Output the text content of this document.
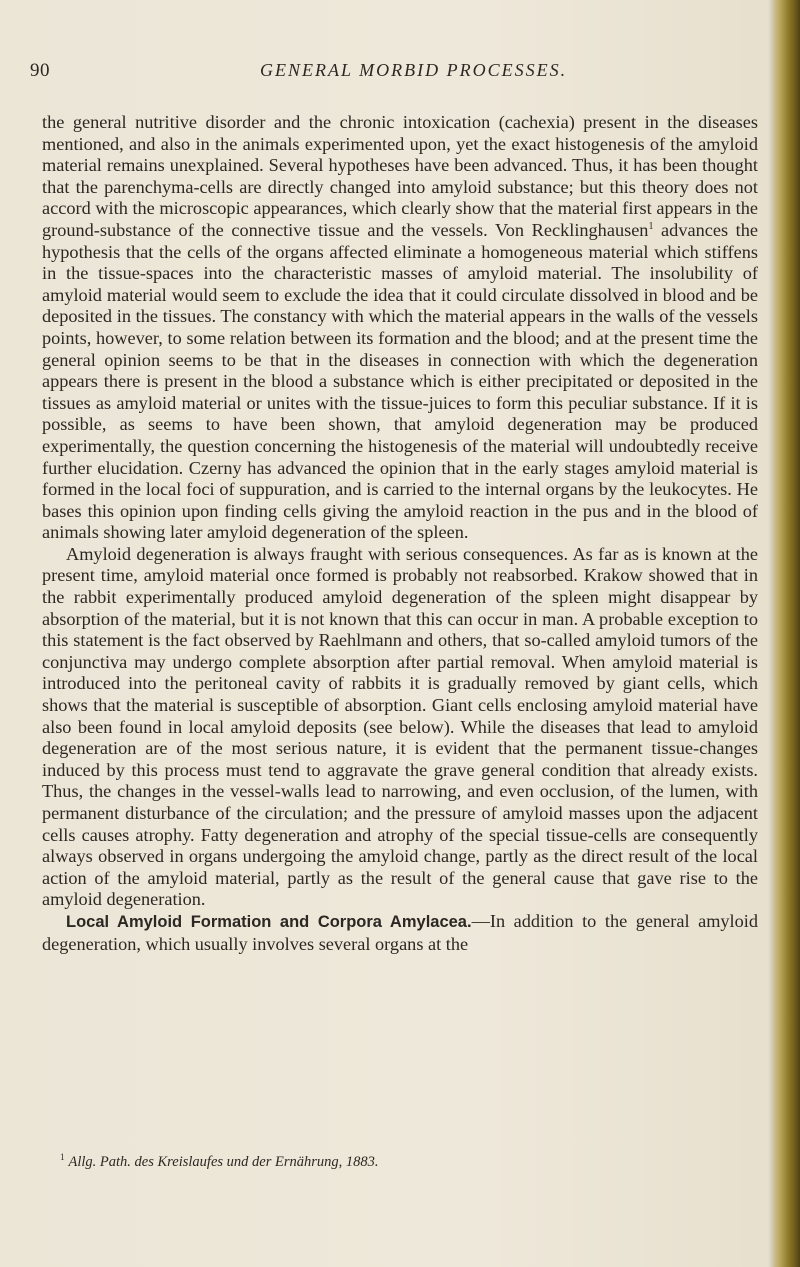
90	GENERAL MORBID PROCESSES.

the general nutritive disorder and the chronic intoxication (cachexia) present in the diseases mentioned, and also in the animals experimented upon, yet the exact histogenesis of the amyloid material remains unexplained. Several hypotheses have been advanced. Thus, it has been thought that the parenchyma-cells are directly changed into amyloid substance; but this theory does not accord with the microscopic appearances, which clearly show that the material first appears in the ground-substance of the connective tissue and the vessels. Von Recklinghausen$^1$ advances the hypothesis that the cells of the organs affected eliminate a homogeneous material which stiffens in the tissue-spaces into the characteristic masses of amyloid material. The insolubility of amyloid material would seem to exclude the idea that it could circulate dissolved in blood and be deposited in the tissues. The constancy with which the material appears in the walls of the vessels points, however, to some relation between its formation and the blood; and at the present time the general opinion seems to be that in the diseases in connection with which the degeneration appears there is present in the blood a substance which is either precipitated or deposited in the tissues as amyloid material or unites with the tissue-juices to form this peculiar substance. If it is possible, as seems to have been shown, that amyloid degeneration may be produced experimentally, the question concerning the histogenesis of the material will undoubtedly receive further elucidation. Czerny has advanced the opinion that in the early stages amyloid material is formed in the local foci of suppuration, and is carried to the internal organs by the leukocytes. He bases this opinion upon finding cells giving the amyloid reaction in the pus and in the blood of animals showing later amyloid degeneration of the spleen.

Amyloid degeneration is always fraught with serious consequences. As far as is known at the present time, amyloid material once formed is probably not reabsorbed. Krakow showed that in the rabbit experimentally produced amyloid degeneration of the spleen might disappear by absorption of the material, but it is not known that this can occur in man. A probable exception to this statement is the fact observed by Raehlmann and others, that so-called amyloid tumors of the conjunctiva may undergo complete absorption after partial removal. When amyloid material is introduced into the peritoneal cavity of rabbits it is gradually removed by giant cells, which shows that the material is susceptible of absorption. Giant cells enclosing amyloid material have also been found in local amyloid deposits (see below). While the diseases that lead to amyloid degeneration are of the most serious nature, it is evident that the permanent tissue-changes induced by this process must tend to aggravate the grave general condition that already exists. Thus, the changes in the vessel-walls lead to narrowing, and even occlusion, of the lumen, with permanent disturbance of the circulation; and the pressure of amyloid masses upon the adjacent cells causes atrophy. Fatty degeneration and atrophy of the special tissue-cells are consequently always observed in organs undergoing the amyloid change, partly as the direct result of the local action of the amyloid material, partly as the result of the general cause that gave rise to the amyloid degeneration.

Local Amyloid Formation and Corpora Amylacea.—In addition to the general amyloid degeneration, which usually involves several organs at the

$^1$ Allg. Path. des Kreislaufes und der Ernährung, 1883.
